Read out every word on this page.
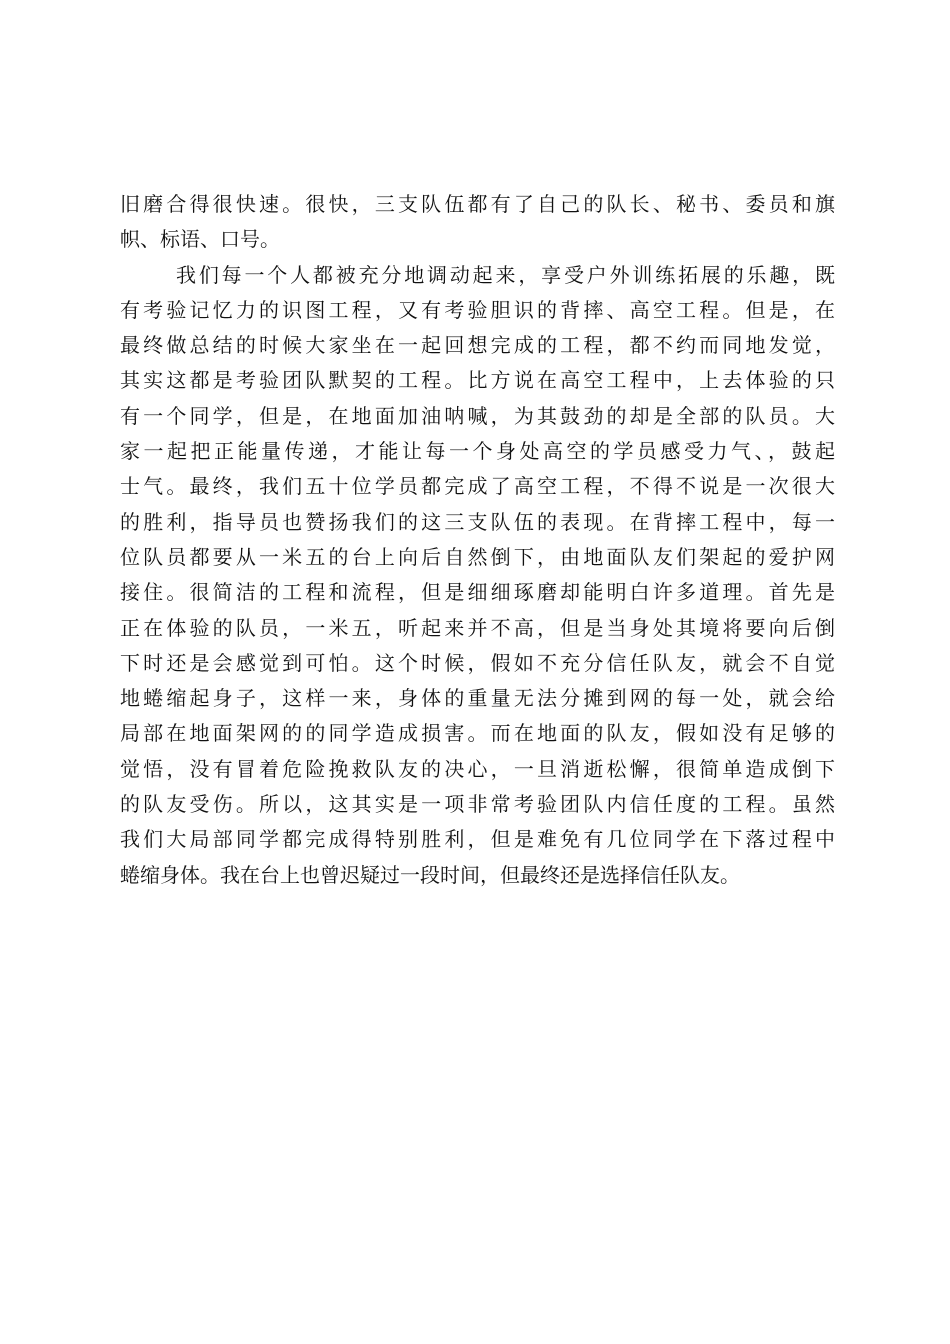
旧磨合得很快速。很快，三支队伍都有了自己的队长、秘书、委员和旗
帜、标语、口号。
我们每一个人都被充分地调动起来，享受户外训练拓展的乐趣，既
有考验记忆力的识图工程，又有考验胆识的背摔、高空工程。但是，在
最终做总结的时候大家坐在一起回想完成的工程，都不约而同地发觉，
其实这都是考验团队默契的工程。比方说在高空工程中，上去体验的只
有一个同学，但是，在地面加油呐喊，为其鼓劲的却是全部的队员。大
家一起把正能量传递，才能让每一个身处高空的学员感受力气、，鼓起
士气。最终，我们五十位学员都完成了高空工程，不得不说是一次很大
的胜利，指导员也赞扬我们的这三支队伍的表现。在背摔工程中，每一
位队员都要从一米五的台上向后自然倒下，由地面队友们架起的爱护网
接住。很简洁的工程和流程，但是细细琢磨却能明白许多道理。首先是
正在体验的队员，一米五，听起来并不高，但是当身处其境将要向后倒
下时还是会感觉到可怕。这个时候，假如不充分信任队友，就会不自觉
地蜷缩起身子，这样一来，身体的重量无法分摊到网的每一处，就会给
局部在地面架网的的同学造成损害。而在地面的队友，假如没有足够的
觉悟，没有冒着危险挽救队友的决心，一旦消逝松懈，很简单造成倒下
的队友受伤。所以，这其实是一项非常考验团队内信任度的工程。虽然
我们大局部同学都完成得特别胜利，但是难免有几位同学在下落过程中
蜷缩身体。我在台上也曾迟疑过一段时间，但最终还是选择信任队友。
